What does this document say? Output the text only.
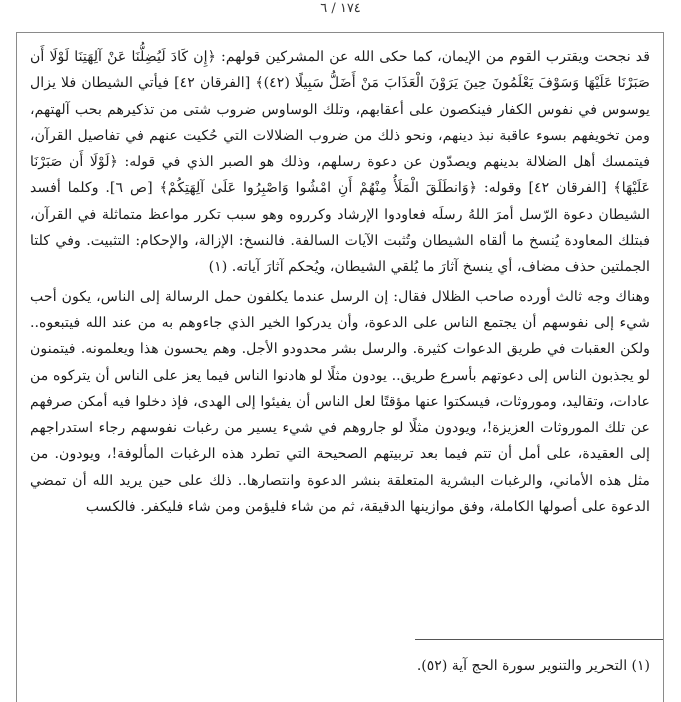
١٧٤ / ٦

قد نجحت ويقترب القوم من الإيمان، كما حكى الله عن المشركين قولهم: ﴿إِن كَادَ لَيُضِلُّنَا عَنْ آلِهَتِنَا لَوْلَا أَن صَبَرْنَا عَلَيْهَا وَسَوْفَ يَعْلَمُونَ حِينَ يَرَوْنَ الْعَذَابَ مَنْ أَضَلُّ سَبِيلًا (٤٢)﴾ [الفرقان ٤٢] فيأتي الشيطان فلا يزال يوسوس في نفوس الكفار فينكصون على أعقابهم، وتلك الوساوس ضروب شتى من تذكيرهم بحب آلهتهم، ومن تخويفهم بسوء عاقبة نبذ دينهم، ونحو ذلك من ضروب الضلالات التي حُكيت عنهم في تفاصيل القرآن، فيتمسك أهل الضلالة بدينهم ويصدّون عن دعوة رسلهم، وذلك هو الصبر الذي في قوله: ﴿لَوْلَا أَن صَبَرْنَا عَلَيْهَا﴾ [الفرقان ٤٢] وقوله: ﴿وَانطَلَقَ الْمَلَأُ مِنْهُمْ أَنِ امْشُوا وَاصْبِرُوا عَلَىٰ آلِهَتِكُمْ﴾ [ص ٦]. وكلما أفسد الشيطان دعوة الرّسل أمرَ اللهُ رسلَه فعاودوا الإرشاد وكرروه وهو سبب تكرر مواعظ متماثلة في القرآن، فبتلك المعاودة يُنسخ ما ألقاه الشيطان وتُثبت الآيات السالفة. فالنسخ: الإزالة، والإحكام: التثبيت. وفي كلتا الجملتين حذف مضاف، أي ينسخ آثارَ ما يُلقي الشيطان، ويُحكم آثارَ آياته. (١)

وهناك وجه ثالث أورده صاحب الظلال فقال: إن الرسل عندما يكلفون حمل الرسالة إلى الناس، يكون أحب شيء إلى نفوسهم أن يجتمع الناس على الدعوة، وأن يدركوا الخير الذي جاءوهم به من عند الله فيتبعوه.. ولكن العقبات في طريق الدعوات كثيرة. والرسل بشر محدودو الأجل. وهم يحسون هذا ويعلمونه. فيتمنون لو يجذبون الناس إلى دعوتهم بأسرع طريق.. يودون مثلًا لو هادنوا الناس فيما يعز على الناس أن يتركوه من عادات، وتقاليد، وموروثات، فيسكتوا عنها مؤقتًا لعل الناس أن يفيئوا إلى الهدى، فإذ دخلوا فيه أمكن صرفهم عن تلك الموروثات العزيزة!، ويودون مثلًا لو جاروهم في شيء يسير من رغبات نفوسهم رجاء استدراجهم إلى العقيدة، على أمل أن تتم فيما بعد تربيتهم الصحيحة التي تطرد هذه الرغبات المألوفة!، ويودون. من مثل هذه الأماني، والرغبات البشرية المتعلقة بنشر الدعوة وانتصارها.. ذلك على حين يريد الله أن تمضي الدعوة على أصولها الكاملة، وفق موازينها الدقيقة، ثم من شاء فليؤمن ومن شاء فليكفر. فالكسب

(١) التحرير والتنوير سورة الحج آية (٥٢).
